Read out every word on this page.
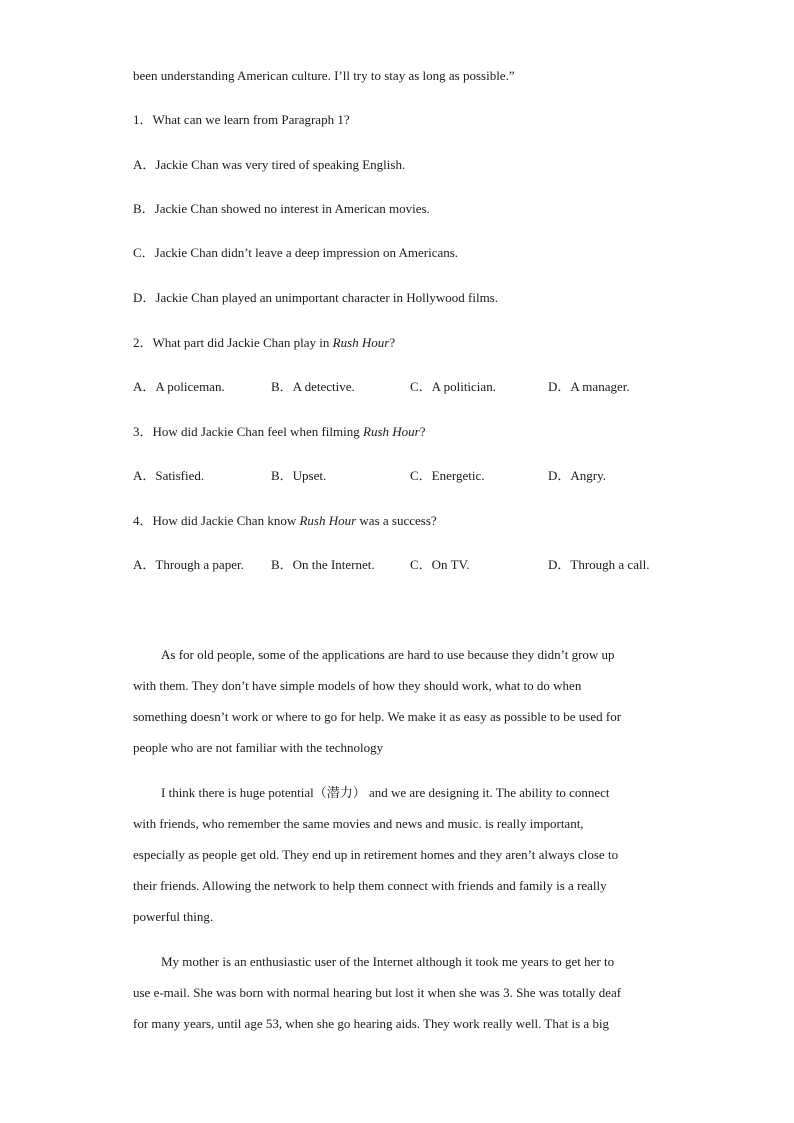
been understanding American culture. I’ll try to stay as long as possible.”
1．What can we learn from Paragraph 1?
A．Jackie Chan was very tired of speaking English.
B．Jackie Chan showed no interest in American movies.
C．Jackie Chan didn’t leave a deep impression on Americans.
D．Jackie Chan played an unimportant character in Hollywood films.
2．What part did Jackie Chan play in Rush Hour?
A．A policeman.	B．A detective.	C．A politician.	D．A manager.
3．How did Jackie Chan feel when filming Rush Hour?
A．Satisfied.	B．Upset.	C．Energetic.	D．Angry.
4．How did Jackie Chan know Rush Hour was a success?
A．Through a paper. B．On the Internet.	C．On TV.	D．Through a call.
As for old people, some of the applications are hard to use because they didn’t grow up
with them. They don’t have simple models of how they should work, what to do when
something doesn’t work or where to go for help. We make it as easy as possible to be used for
people who are not familiar with the technology
I think there is huge potential（潜力） and we are designing it. The ability to connect
with friends, who remember the same movies and news and music. is really important,
especially as people get old. They end up in retirement homes and they aren’t always close to
their friends. Allowing the network to help them connect with friends and family is a really
powerful thing.
My mother is an enthusiastic user of the Internet although it took me years to get her to
use e-mail. She was born with normal hearing but lost it when she was 3. She was totally deaf
for many years, until age 53, when she go hearing aids. They work really well. That is a big
